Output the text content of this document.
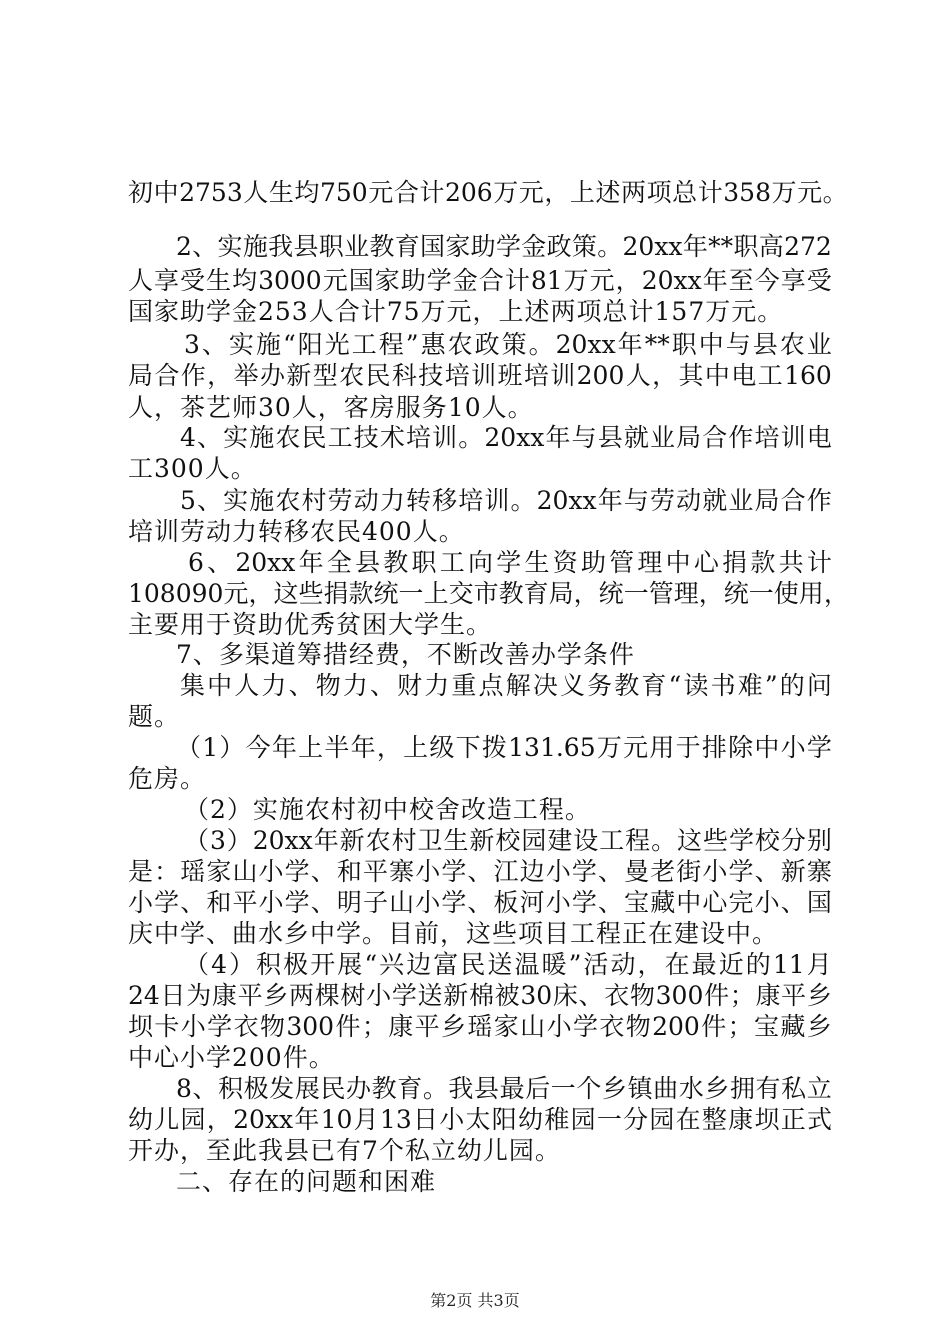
初 中 2753 人 生 均 750 元 合 计 206 万 元 ， 上 述 两 项 总 计 358 万 元 。
2 、 实 施 我 县 职 业 教 育 国 家 助 学 金 政 策 。 20xx 年 ** 职 高 272
人 享 受 生 均 3000 元 国 家 助 学 金 合 计 81 万 元 ， 20xx 年 至 今 享 受
国家助学金253人合计75万元，上述两项总计157万元。
3 、 实 施 “ 阳 光 工 程 ” 惠 农 政 策 。 20xx 年 ** 职 中 与 县 农 业
局 合 作 ， 举 办 新 型 农 民 科 技 培 训 班 培 训 200 人 ， 其 中 电 工 160
人，茶艺师30人，客房服务10人。
4 、 实 施 农 民 工 技 术 培 训 。 20xx 年 与 县 就 业 局 合 作 培 训 电
工300人。
5 、 实 施 农 村 劳 动 力 转 移 培 训 。 20xx 年 与 劳 动 就 业 局 合 作
培训劳动力转移农民400人。
6 、 20xx 年 全 县 教 职 工 向 学 生 资 助 管 理 中 心 捐 款 共 计
108090 元 ， 这 些 捐 款 统 一 上 交 市 教 育 局 ， 统 一 管 理 ， 统 一 使 用 ，
主要用于资助优秀贫困大学生。
7、多渠道筹措经费，不断改善办学条件
集 中 人 力 、 物 力 、 财 力 重 点 解 决 义 务 教 育 “ 读 书 难 ” 的 问
题。
（ 1 ） 今 年 上 半 年 ， 上 级 下 拨 131.65 万 元 用 于 排 除 中 小 学
危房。
（2）实施农村初中校舍改造工程。
（ 3 ） 20xx 年 新 农 村 卫 生 新 校 园 建 设 工 程 。 这 些 学 校 分 别
是 ： 瑶 家 山 小 学 、 和 平 寨 小 学 、 江 边 小 学 、 曼 老 街 小 学 、 新 寨
小 学 、 和 平 小 学 、 明 子 山 小 学 、 板 河 小 学 、 宝 藏 中 心 完 小 、 国
庆中学、曲水乡中学。目前，这些项目工程正在建设中。
（ 4 ） 积 极 开 展 “ 兴 边 富 民 送 温 暖 ” 活 动 ， 在 最 近 的 11 月
24 日 为 康 平 乡 两 棵 树 小 学 送 新 棉 被 30 床 、 衣 物 300 件 ； 康 平 乡
坝 卡 小 学 衣 物 300 件 ； 康 平 乡 瑶 家 山 小 学 衣 物 200 件 ； 宝 藏 乡
中心小学200件。
8 、 积 极 发 展 民 办 教 育 。 我 县 最 后 一 个 乡 镇 曲 水 乡 拥 有 私 立
幼 儿 园 ， 20xx 年 10 月 13 日 小 太 阳 幼 稚 园 一 分 园 在 整 康 坝 正 式
开办，至此我县已有7个私立幼儿园。
二、存在的问题和困难
第2页 共3页
